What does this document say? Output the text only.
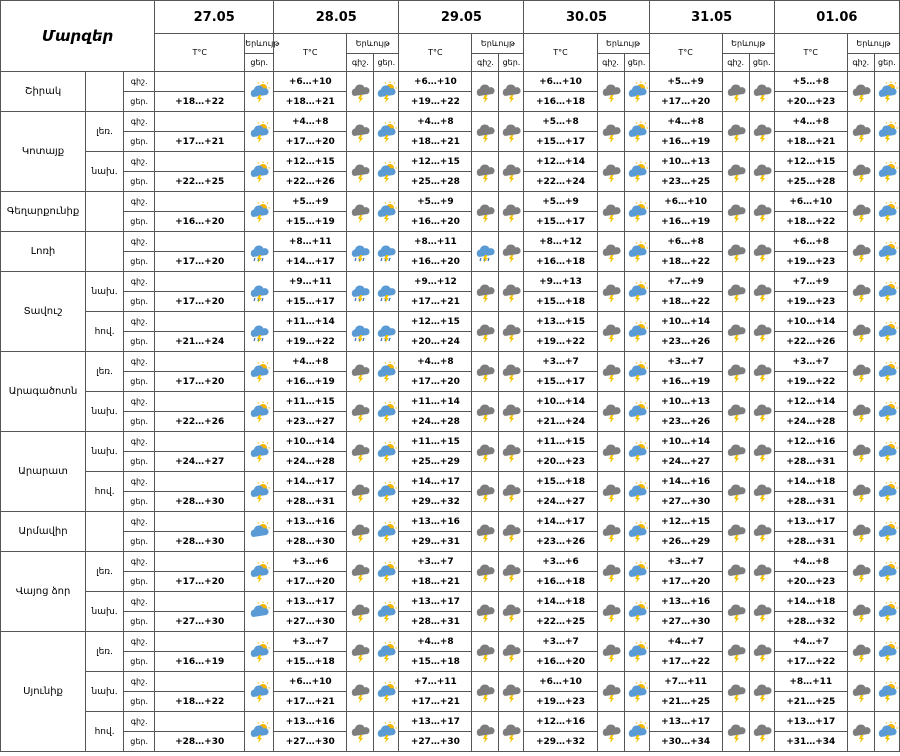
Մարզեր			27.05		28.05			29.05			30.05			31.05			01.06		
			T°C	Երևույթ	T°C	Երևույթ		T°C	Երևույթ		T°C	Երևույթ		T°C	Երևույթ		T°C	Երևույթ	
				ցեր.		գիշ.	ցեր.		գիշ.	ցեր.		գիշ.	ցեր.		գիշ.	ցեր.		գիշ.	ցեր.
Շիրակ		գիշ.			+6…+10			+6…+10			+6…+10			+5…+9			+5…+8	

		ցեր.	+18…+22		+18…+21			+19…+22			+16…+18			+17…+20			+20…+23		
Կոտայք	լեռ.	գիշ.			+4…+8			+4…+8			+5…+8			+4…+8			+4…+8	

		ցեր.	+17…+21		+17…+20			+18…+21			+15…+17			+16…+19			+18…+21		
	նախ.	գիշ.			+12…+15			+12…+15			+12…+14			+10…+13			+12…+15	

		ցեր.	+22…+25		+22…+26			+25…+28			+22…+24			+23…+25			+25…+28		
Գեղարքունիք		գիշ.			+5…+9			+5…+9			+5…+9			+6…+10			+6…+10	

		ցեր.	+16…+20		+15…+19			+16…+20			+15…+17			+16…+19			+18…+22		
Լոռի		գիշ.			+8…+11			+8…+11			+8…+12			+6…+8			+6…+8	

		ցեր.	+17…+20		+14…+17			+16…+20			+16…+18			+18…+22			+19…+23		
Տավուշ	նախ.	գիշ.			+9…+11			+9…+12			+9…+13			+7…+9			+7…+9	

		ցեր.	+17…+20		+15…+17			+17…+21			+15…+18			+18…+22			+19…+23		
	հով.	գիշ.			+11…+14			+12…+15			+13…+15			+10…+14			+10…+14	

		ցեր.	+21…+24		+19…+22			+20…+24			+19…+22			+23…+26			+22…+26		
Արագածոտն	լեռ.	գիշ.			+4…+8			+4…+8			+3…+7			+3…+7			+3…+7	

		ցեր.	+17…+20		+16…+19			+17…+20			+15…+17			+16…+19			+19…+22		
	նախ.	գիշ.			+11…+15			+11…+14			+10…+14			+10…+13			+12…+14	

		ցեր.	+22…+26		+23…+27			+24…+28			+21…+24			+23…+26			+24…+28		
Արարատ	նախ.	գիշ.			+10…+14			+11…+15			+11…+15			+10…+14			+12…+16	

		ցեր.	+24…+27		+24…+28			+25…+29			+20…+23			+24…+27			+28…+31		
	հով.	գիշ.			+14…+17			+14…+17			+15…+18			+14…+16			+14…+18	

		ցեր.	+28…+30		+28…+31			+29…+32			+24…+27			+27…+30			+28…+31		
Արմավիր		գիշ.			+13…+16			+13…+16			+14…+17			+12…+15			+13…+17	

		ցեր.	+28…+30		+28…+30			+29…+31			+23…+26			+26…+29			+28…+31		
Վայոց ձոր	լեռ.	գիշ.			+3…+6			+3…+7			+3…+6			+3…+7			+4…+8	

		ցեր.	+17…+20		+17…+20			+18…+21			+16…+18			+17…+20			+20…+23		
	նախ.	գիշ.			+13…+17			+13…+17			+14…+18			+13…+16			+14…+18	

		ցեր.	+27…+30		+27…+30			+28…+31			+22…+25			+27…+30			+28…+32		
Սյունիք	լեռ.	գիշ.			+3…+7			+4…+8			+3…+7			+4…+7			+4…+7	

		ցեր.	+16…+19		+15…+18			+15…+18			+16…+20			+17…+22			+17…+22		
	նախ.	գիշ.			+6…+10			+7…+11			+6…+10			+7…+11			+8…+11	

		ցեր.	+18…+22		+17…+21			+17…+21			+19…+23			+21…+25			+21…+25		
	հով.	գիշ.			+13…+16			+13…+17			+12…+16			+13…+17			+13…+17	

		ցեր.	+28…+30		+27…+30			+27…+30			+29…+32			+30…+34			+31…+34		
